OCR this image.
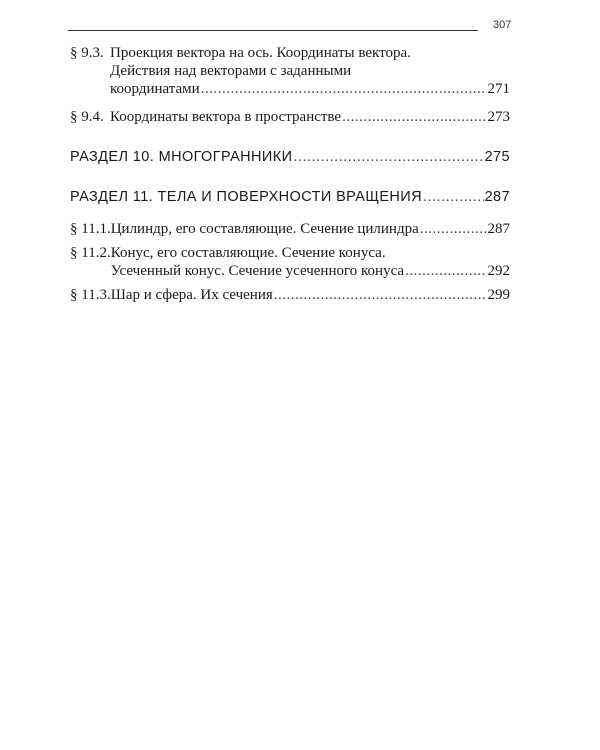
307
§ 9.3. Проекция вектора на ось. Координаты вектора.
Действия над векторами с заданными
координатами .....	271
§ 9.4. Координаты вектора в пространстве .....	273
РАЗДЕЛ 10. МНОГОГРАННИКИ .....	275
РАЗДЕЛ 11. ТЕЛА И ПОВЕРХНОСТИ ВРАЩЕНИЯ .....	287
§ 11.1. Цилиндр, его составляющие. Сечение цилиндра .....	287
§ 11.2. Конус, его составляющие. Сечение конуса.
Усеченный конус. Сечение усеченного конуса .....	292
§ 11.3. Шар и сфера. Их сечения .....	299
